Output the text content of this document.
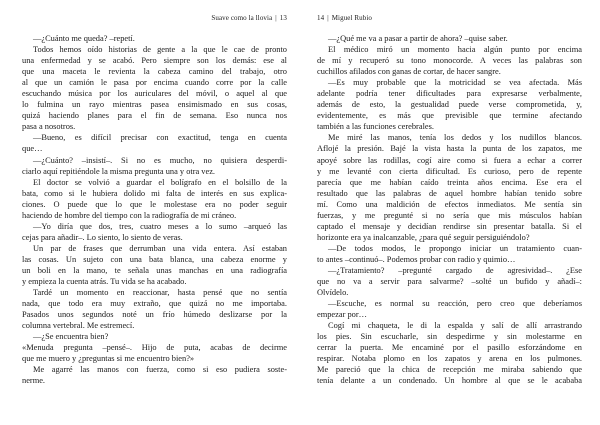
Suave como la llovia | 13
—¿Cuánto me queda? –repetí.
Todos hemos oído historias de gente a la que le cae de pronto
una enfermedad y se acabó. Pero siempre son los demás: ese al
que una maceta le revienta la cabeza camino del trabajo, otro
al que un camión le pasa por encima cuando corre por la calle
escuchando música por los auriculares del móvil, o aquel al que
lo fulmina un rayo mientras pasea ensimismado en sus cosas,
quizá haciendo planes para el fin de semana. Eso nunca nos
pasa a nosotros.
—Bueno, es difícil precisar con exactitud, tenga en cuenta
que…
—¿Cuánto? –insistí–. Si no es mucho, no quisiera desperdi-
ciarlo aquí repitiéndole la misma pregunta una y otra vez.
El doctor se volvió a guardar el bolígrafo en el bolsillo de la
bata, como si le hubiera dolido mi falta de interés en sus explica-
ciones. O puede que lo que le molestase era no poder seguir
haciendo de hombre del tiempo con la radiografía de mi cráneo.
—Yo diría que dos, tres, cuatro meses a lo sumo –arqueó las
cejas para añadir–. Lo siento, lo siento de veras.
Un par de frases que derrumban una vida entera. Así estaban
las cosas. Un sujeto con una bata blanca, una cabeza enorme y
un boli en la mano, te señala unas manchas en una radiografía
y empieza la cuenta atrás. Tu vida se ha acabado.
Tardé un momento en reaccionar, hasta pensé que no sentía
nada, que todo era muy extraño, que quizá no me importaba.
Pasados unos segundos noté un frío húmedo deslizarse por la
columna vertebral. Me estremecí.
—¿Se encuentra bien?
«Menuda pregunta –pensé–. Hijo de puta, acabas de decirme
que me muero y ¿preguntas si me encuentro bien?»
Me agarré las manos con fuerza, como si eso pudiera soste-
nerme.
14 | Miguel Rubio
—¿Qué me va a pasar a partir de ahora? –quise saber.
El médico miró un momento hacia algún punto por encima
de mí y recuperó su tono monocorde. A veces las palabras son
cuchillos afilados con ganas de cortar, de hacer sangre.
—Es muy probable que la motricidad se vea afectada. Más
adelante podría tener dificultades para expresarse verbalmente,
además de esto, la gestualidad puede verse comprometida, y,
evidentemente, es más que previsible que termine afectando
también a las funciones cerebrales.
Me miré las manos, tenía los dedos y los nudillos blancos.
Aflojé la presión. Bajé la vista hasta la punta de los zapatos, me
apoyé sobre las rodillas, cogí aire como si fuera a echar a correr
y me levanté con cierta dificultad. Es curioso, pero de repente
parecía que me habían caído treinta años encima. Ese era el
resultado que las palabras de aquel hombre habían tenido sobre
mí. Como una maldición de efectos inmediatos. Me sentía sin
fuerzas, y me pregunté si no sería que mis músculos habían
captado el mensaje y decidían rendirse sin presentar batalla. Si el
horizonte era ya inalcanzable, ¿para qué seguir persiguiéndolo?
—De todos modos, le propongo iniciar un tratamiento cuan-
to antes –continuó–. Podemos probar con radio y quimio…
—¿Tratamiento? –pregunté cargado de agresividad–. ¿Ese
que no va a servir para salvarme? –solté un bufido y añadí–:
Olvídelo.
—Escuche, es normal su reacción, pero creo que deberíamos
empezar por…
Cogí mi chaqueta, le di la espalda y salí de allí arrastrando
los pies. Sin escucharle, sin despedirme y sin molestarme en
cerrar la puerta. Me encaminé por el pasillo esforzándome en
respirar. Notaba plomo en los zapatos y arena en los pulmones.
Me pareció que la chica de recepción me miraba sabiendo que
tenía delante a un condenado. Un hombre al que se le acababa
